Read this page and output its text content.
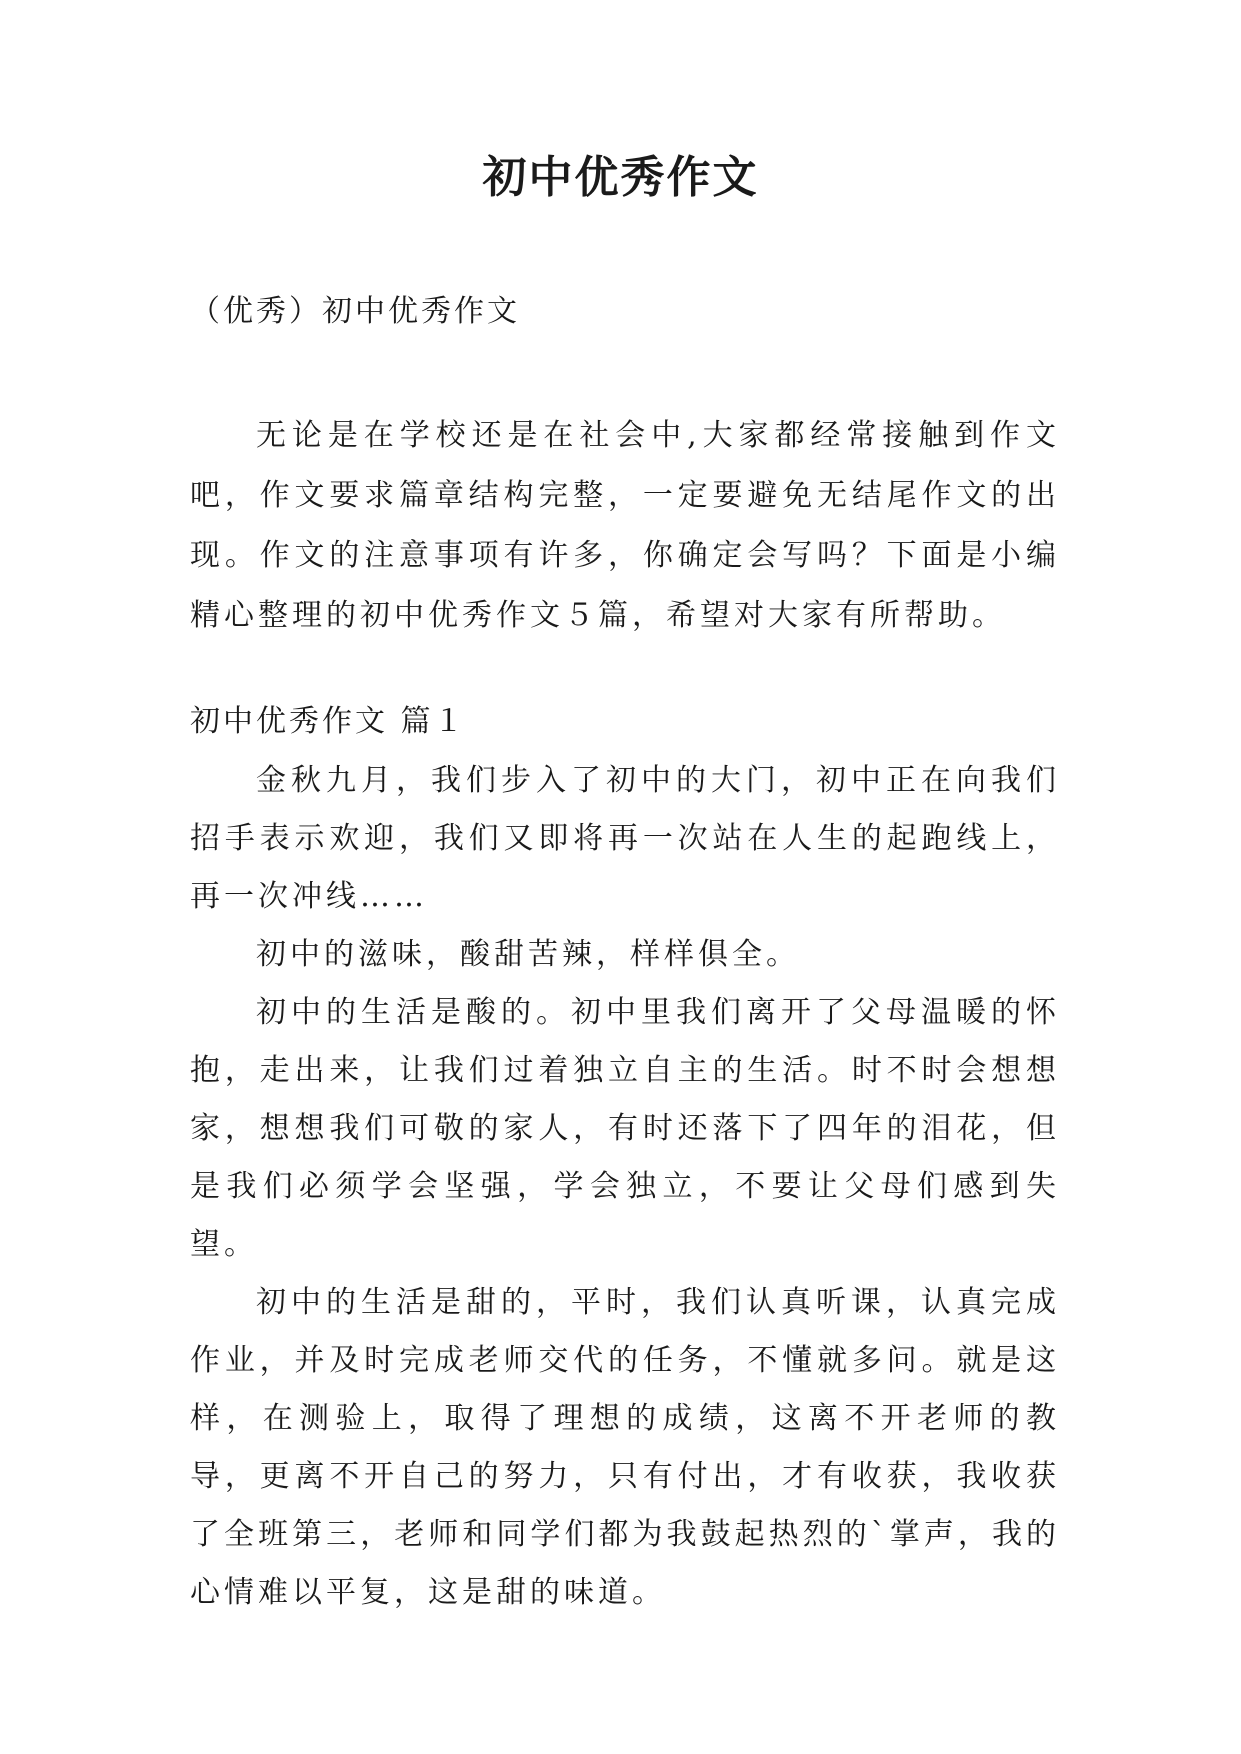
初中优秀作文
（优秀）初中优秀作文

无论是在学校还是在社会中,大家都经常接触到作文吧，作文要求篇章结构完整，一定要避免无结尾作文的出现。作文的注意事项有许多，你确定会写吗？下面是小编精心整理的初中优秀作文５篇，希望对大家有所帮助。

初中优秀作文 篇１

金秋九月，我们步入了初中的大门，初中正在向我们招手表示欢迎，我们又即将再一次站在人生的起跑线上，再一次冲线……

初中的滋味，酸甜苦辣，样样俱全。

初中的生活是酸的。初中里我们离开了父母温暖的怀抱，走出来，让我们过着独立自主的生活。时不时会想想家，想想我们可敬的家人，有时还落下了四年的泪花，但是我们必须学会坚强，学会独立，不要让父母们感到失望。

初中的生活是甜的，平时，我们认真听课，认真完成作业，并及时完成老师交代的任务，不懂就多问。就是这样，在测验上，取得了理想的成绩，这离不开老师的教导，更离不开自己的努力，只有付出，才有收获，我收获了全班第三，老师和同学们都为我鼓起热烈的`掌声，我的心情难以平复，这是甜的味道。
